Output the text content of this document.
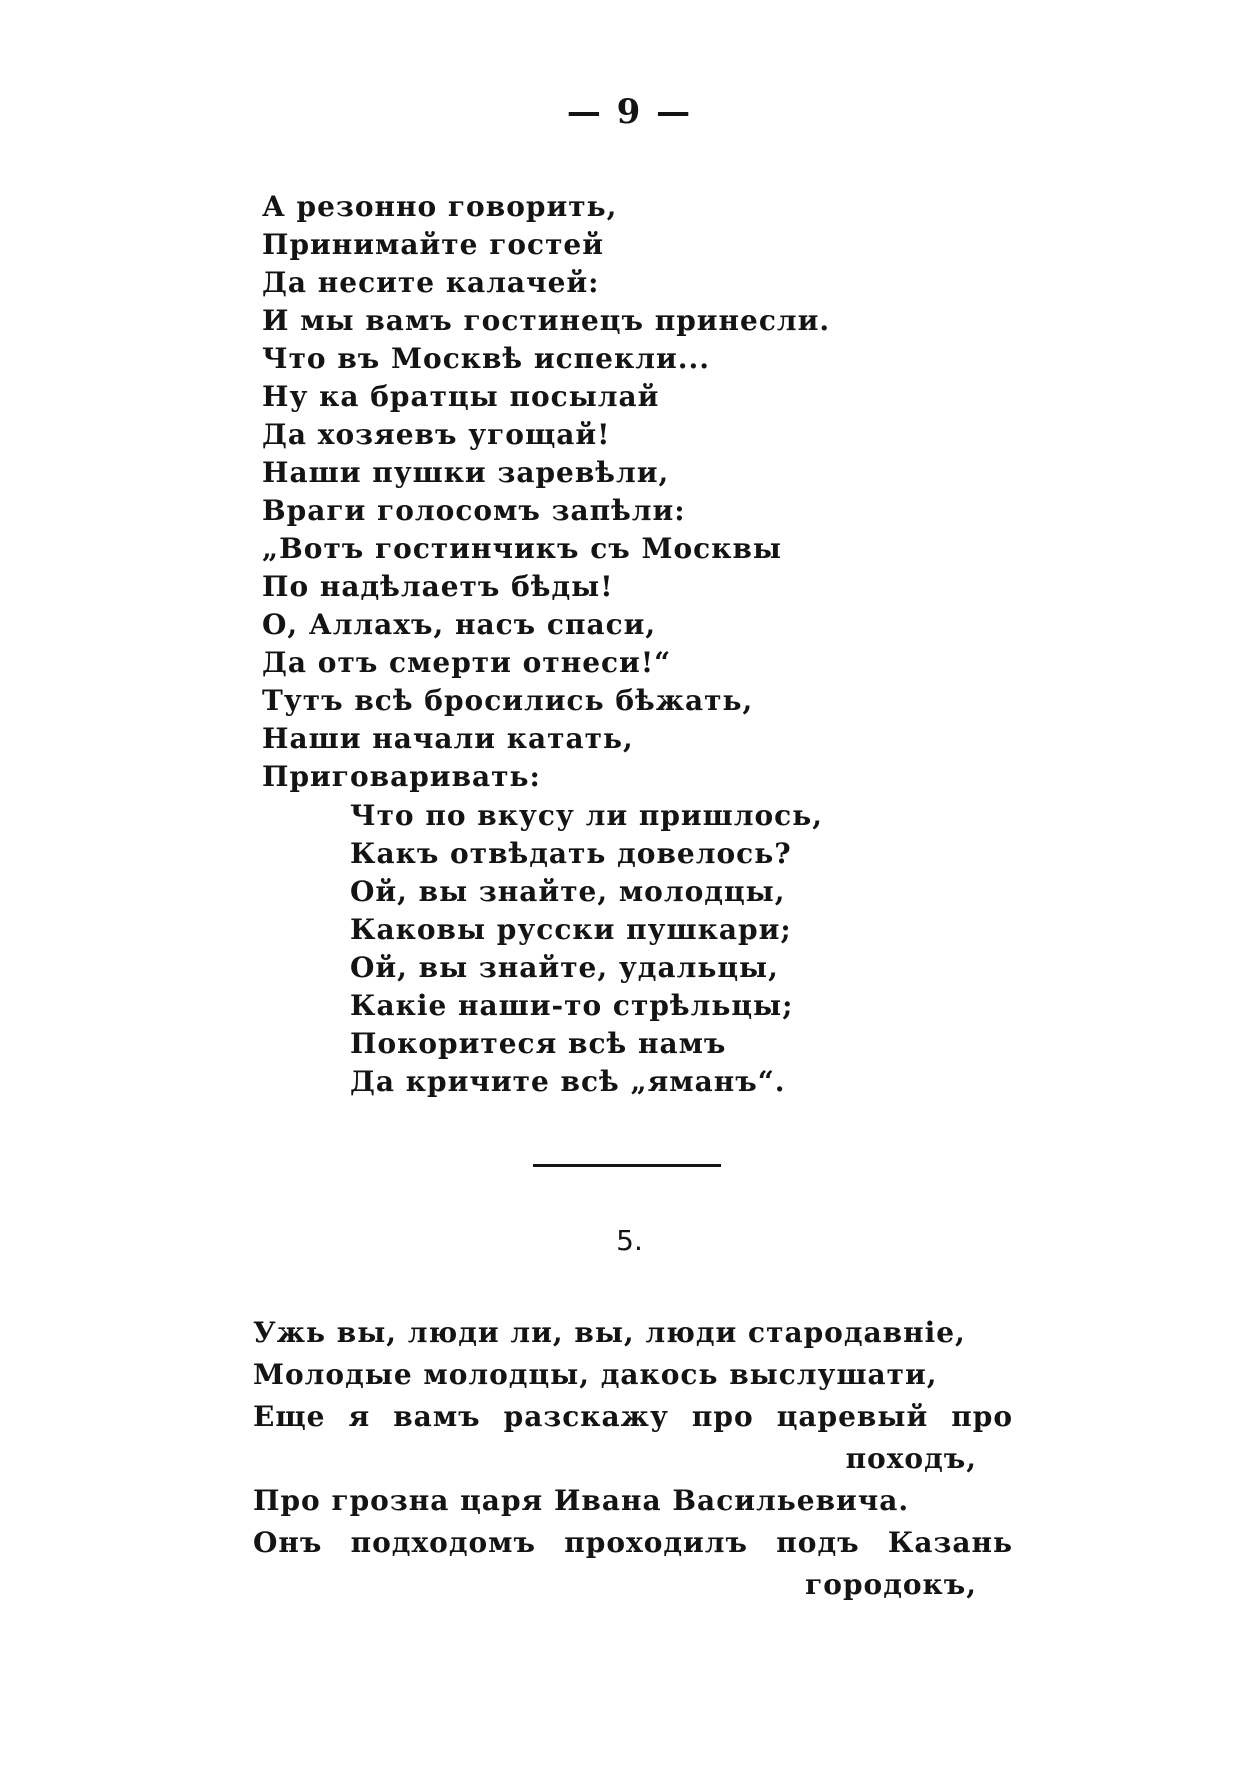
— 9 —
А резонно говорить,
Принимайте гостей
Да несите калачей:
И мы вамъ гостинецъ принесли.
Что въ Москвѣ испекли...
Ну ка братцы посылай
Да хозяевъ угощай!
Наши пушки заревѣли,
Враги голосомъ запѣли:
„Вотъ гостинчикъ съ Москвы
По надѣлаетъ бѣды!
О, Аллахъ, насъ спаси,
Да отъ смерти отнеси!“
Тутъ всѣ бросились бѣжать,
Наши начали катать,
Приговаривать:
Что по вкусу ли пришлось,
Какъ отвѣдать довелось?
Ой, вы знайте, молодцы,
Каковы русски пушкари;
Ой, вы знайте, удальцы,
Какіе наши-то стрѣльцы;
Покоритеся всѣ намъ
Да кричите всѣ „яманъ“.
5.
Ужь вы, люди ли, вы, люди стародавніе,
Молодые молодцы, дакось выслушати,
Еще я вамъ разскажу про царевый про
походъ,
Про грозна царя Ивана Васильевича.
Онъ подходомъ проходилъ подъ Казань
городокъ,
